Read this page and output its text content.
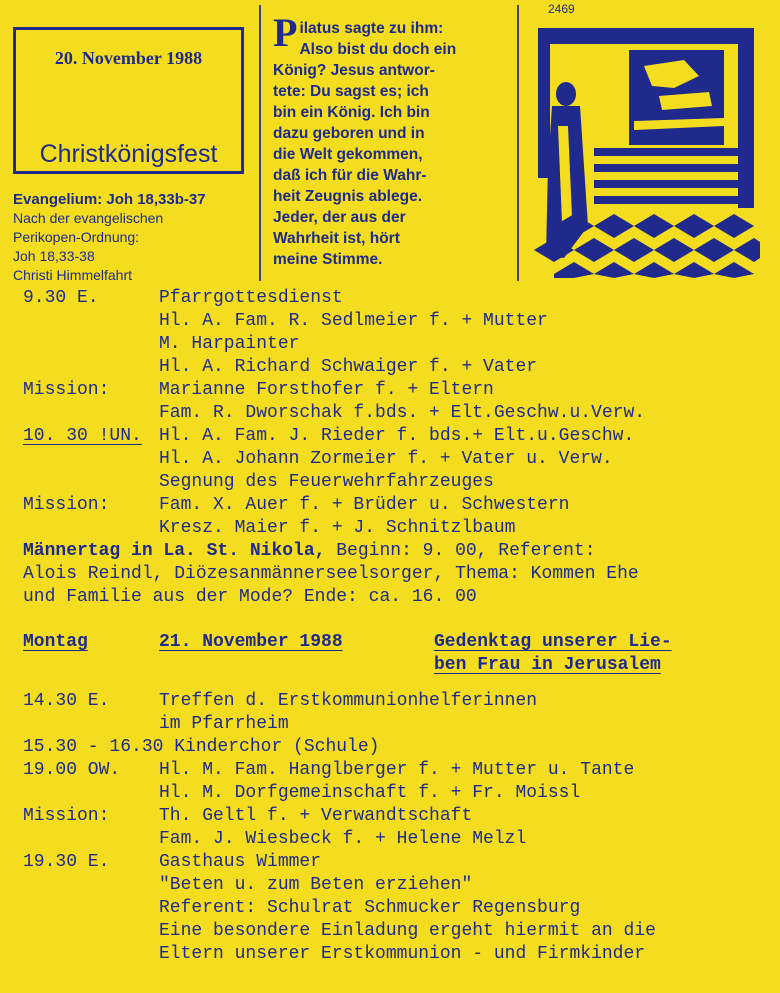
20. November 1988
Christkönigsfest
Evangelium: Joh 18,33b-37
Nach der evangelischen
Perikopen-Ordnung:
Joh 18,33-38
Christi Himmelfahrt
P ilatus sagte zu ihm:
Also bist du doch ein
König? Jesus antwor-
tete: Du sagst es; ich
bin ein König. Ich bin
dazu geboren und in
die Welt gekommen,
daß ich für die Wahr-
heit Zeugnis ablege.
Jeder, der aus der
Wahrheit ist, hört
meine Stimme.
2469
9.30 E.	Pfarrgottesdienst
Hl. A. Fam. R. Sedlmeier f. + Mutter
M. Harpainter
Hl. A. Richard Schwaiger f. + Vater
Mission:	Marianne Forsthofer f. + Eltern
Fam. R. Dworschak f.bds. + Elt.Geschw.u.Verw.
10. 30 !UN. Hl. A. Fam. J. Rieder f. bds.+ Elt.u.Geschw.
Hl. A. Johann Zormeier f. + Vater u. Verw.
Segnung des Feuerwehrfahrzeuges
Mission:	Fam. X. Auer f. + Brüder u. Schwestern
Kresz. Maier f. + J. Schnitzlbaum
Männertag in La. St. Nikola, Beginn: 9. 00, Referent:
Alois Reindl, Diözesanmännerseelsorger, Thema: Kommen Ehe
und Familie aus der Mode? Ende: ca. 16. 00
Montag	21. November 1988	Gedenktag unserer Lie-
ben Frau in Jerusalem
14.30 E.	Treffen d. Erstkommunionhelferinnen
im Pfarrheim
15.30 - 16.30 Kinderchor (Schule)
19.00 OW. Hl. M. Fam. Hanglberger f. + Mutter u. Tante
Hl. M. Dorfgemeinschaft f. + Fr. Moissl
Mission:	Th. Geltl f. + Verwandtschaft
Fam. J. Wiesbeck f. + Helene Melzl
19.30 E.	Gasthaus Wimmer
"Beten u. zum Beten erziehen"
Referent: Schulrat Schmucker Regensburg
Eine besondere Einladung ergeht hiermit an die
Eltern unserer Erstkommunion - und Firmkinder
